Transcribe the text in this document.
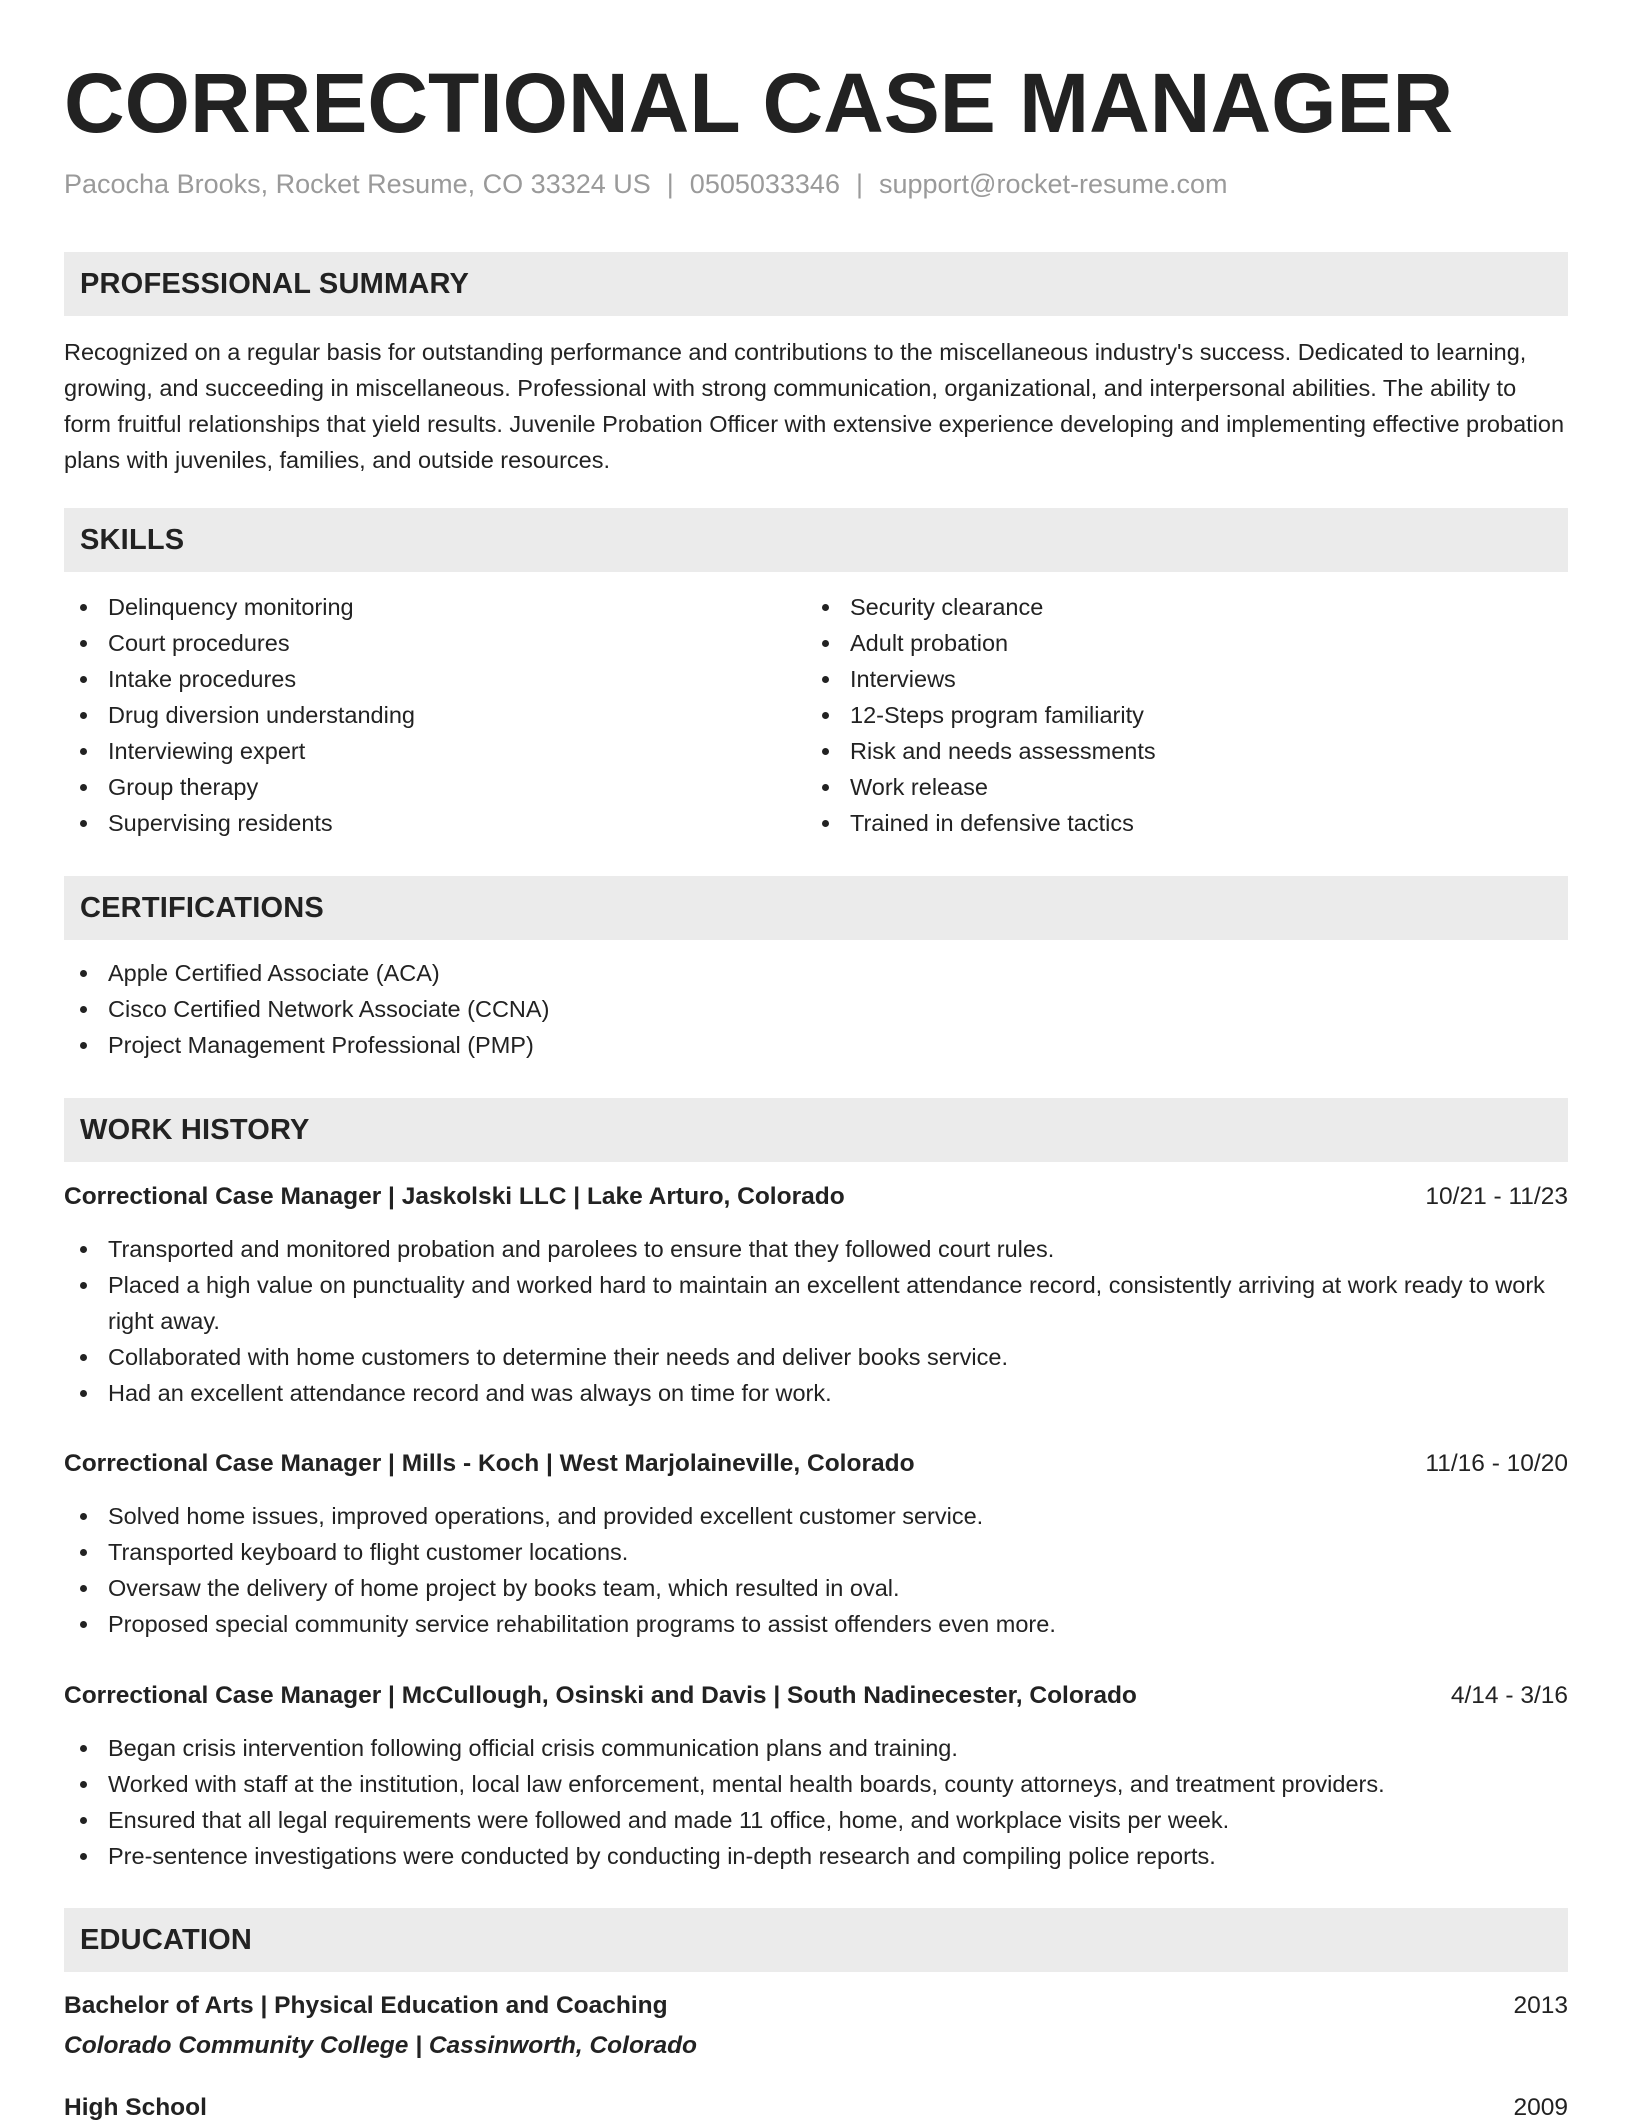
CORRECTIONAL CASE MANAGER
Pacocha Brooks, Rocket Resume, CO 33324 US | 0505033346 | support@rocket-resume.com
PROFESSIONAL SUMMARY

Recognized on a regular basis for outstanding performance and contributions to the miscellaneous industry's success. Dedicated to learning, growing, and succeeding in miscellaneous. Professional with strong communication, organizational, and interpersonal abilities. The ability to form fruitful relationships that yield results. Juvenile Probation Officer with extensive experience developing and implementing effective probation plans with juveniles, families, and outside resources.

SKILLS
Delinquency monitoring
Court procedures
Intake procedures
Drug diversion understanding
Interviewing expert
Group therapy
Supervising residents
Security clearance
Adult probation
Interviews
12-Steps program familiarity
Risk and needs assessments
Work release
Trained in defensive tactics
CERTIFICATIONS
Apple Certified Associate (ACA)
Cisco Certified Network Associate (CCNA)
Project Management Professional (PMP)
WORK HISTORY
Correctional Case Manager | Jaskolski LLC | Lake Arturo, Colorado	10/21 - 11/23
Transported and monitored probation and parolees to ensure that they followed court rules.
Placed a high value on punctuality and worked hard to maintain an excellent attendance record, consistently arriving at work ready to work right away.
Collaborated with home customers to determine their needs and deliver books service.
Had an excellent attendance record and was always on time for work.
Correctional Case Manager | Mills - Koch | West Marjolaineville, Colorado	11/16 - 10/20
Solved home issues, improved operations, and provided excellent customer service.
Transported keyboard to flight customer locations.
Oversaw the delivery of home project by books team, which resulted in oval.
Proposed special community service rehabilitation programs to assist offenders even more.
Correctional Case Manager | McCullough, Osinski and Davis | South Nadinecester, Colorado	4/14 - 3/16
Began crisis intervention following official crisis communication plans and training.
Worked with staff at the institution, local law enforcement, mental health boards, county attorneys, and treatment providers.
Ensured that all legal requirements were followed and made 11 office, home, and workplace visits per week.
Pre-sentence investigations were conducted by conducting in-depth research and compiling police reports.
EDUCATION
Bachelor of Arts | Physical Education and Coaching	2013
Colorado Community College | Cassinworth, Colorado
High School	2009
